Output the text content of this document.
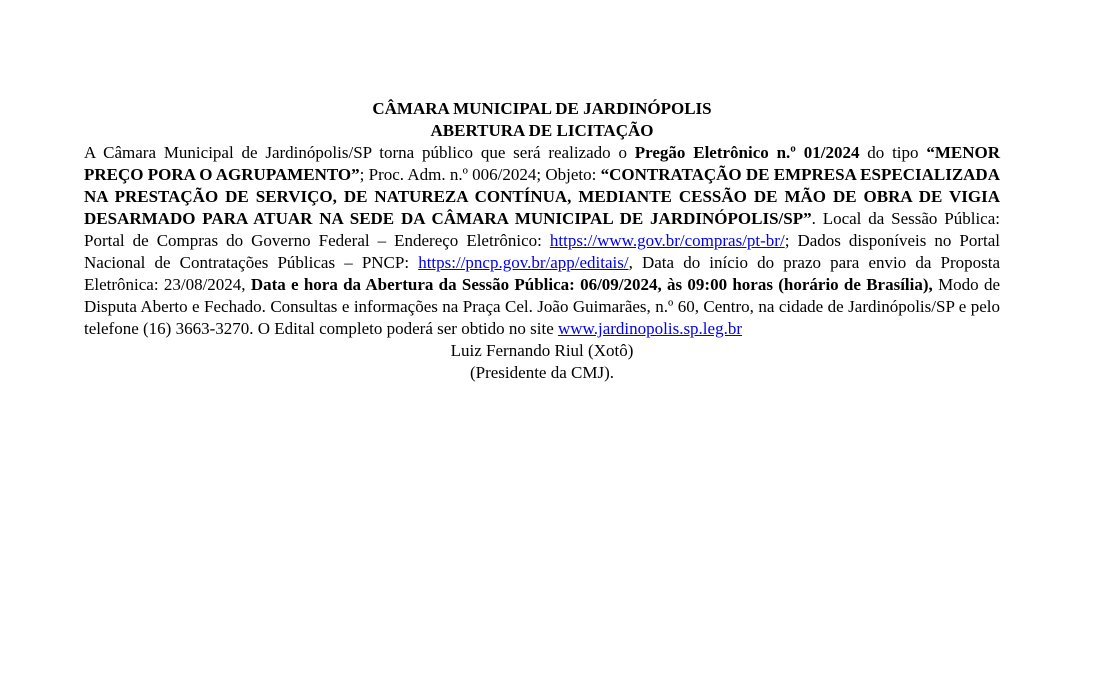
CÂMARA MUNICIPAL DE JARDINÓPOLIS
ABERTURA DE LICITAÇÃO

A Câmara Municipal de Jardinópolis/SP torna público que será realizado o Pregão Eletrônico n.º 01/2024 do tipo “MENOR PREÇO PORA O AGRUPAMENTO”; Proc. Adm. n.º 006/2024; Objeto: “CONTRATAÇÃO DE EMPRESA ESPECIALIZADA NA PRESTAÇÃO DE SERVIÇO, DE NATUREZA CONTÍNUA, MEDIANTE CESSÃO DE MÃO DE OBRA DE VIGIA DESARMADO PARA ATUAR NA SEDE DA CÂMARA MUNICIPAL DE JARDINÓPOLIS/SP”. Local da Sessão Pública: Portal de Compras do Governo Federal – Endereço Eletrônico: https://www.gov.br/compras/pt-br/; Dados disponíveis no Portal Nacional de Contratações Públicas – PNCP: https://pncp.gov.br/app/editais/, Data do início do prazo para envio da Proposta Eletrônica: 23/08/2024, Data e hora da Abertura da Sessão Pública: 06/09/2024, às 09:00 horas (horário de Brasília), Modo de Disputa Aberto e Fechado. Consultas e informações na Praça Cel. João Guimarães, n.º 60, Centro, na cidade de Jardinópolis/SP e pelo telefone (16) 3663-3270. O Edital completo poderá ser obtido no site www.jardinopolis.sp.leg.br

Luiz Fernando Riul (Xotô)
(Presidente da CMJ).
